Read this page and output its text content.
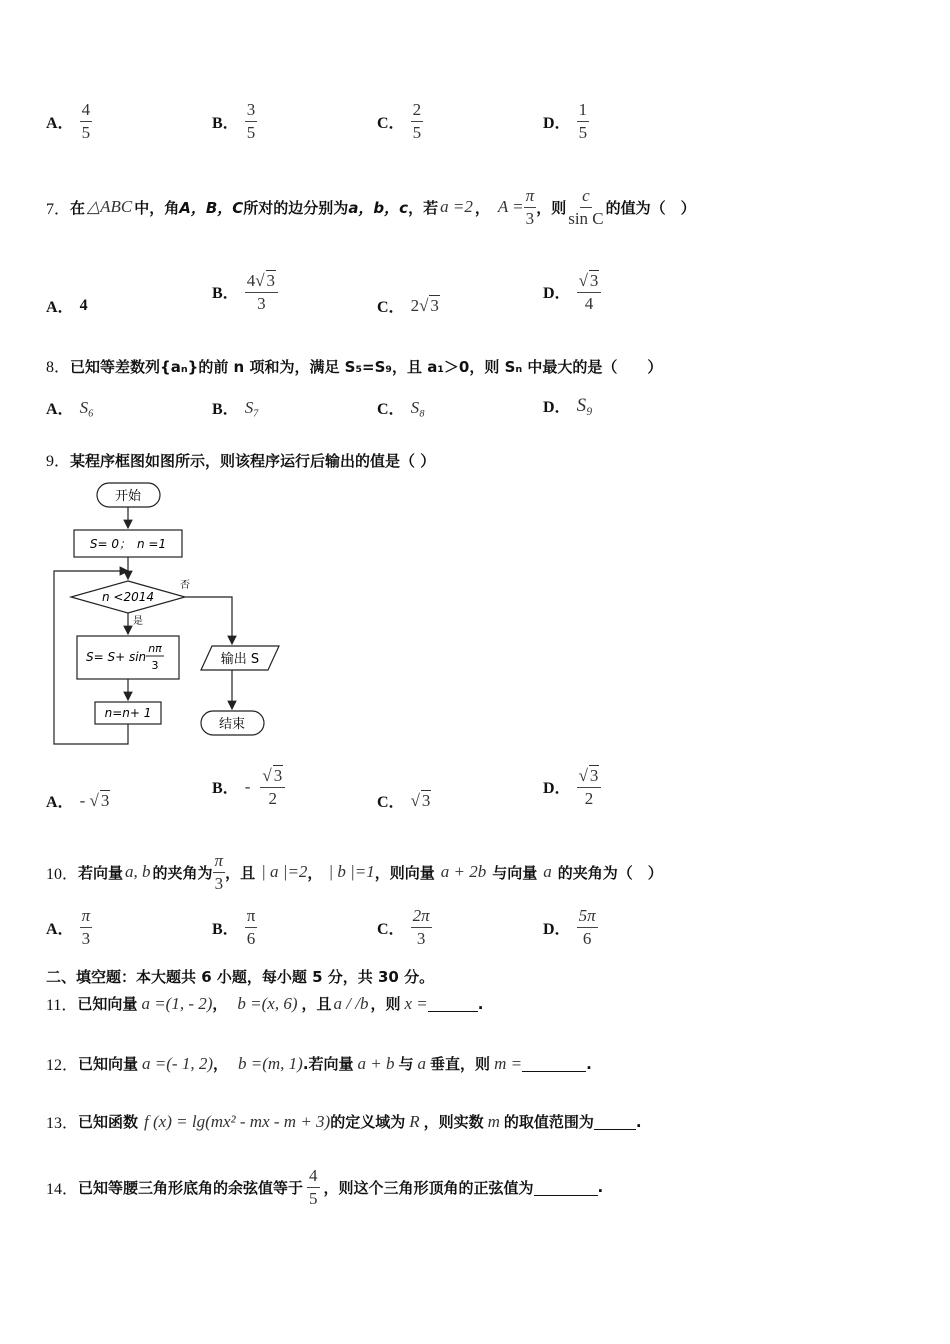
A． $\frac{4}{5}$	B． $\frac{3}{5}$	C． $\frac{2}{5}$	D． $\frac{1}{5}$
7． 在 △ABC 中，角 A，B，C 所对的边分别为 a，b，c ，若 a =2 ， $A = \frac{\pi}{3}$ ，则 $\frac{c}{\text{sin C}}$ 的值为（　）
A． 4
B． $\frac{4√ 3}{3}$	C． 2√ 3
D． $\frac{√ 3}{4}$
8．已知等差数列{aₙ}的前 n 项和为，满足 S₅=S₉，且 a₁＞0，则 Sₙ 中最大的是（　　）
A． S₆	B． S₇	C． S₈	D． S₉
9．某程序框图如图所示，则该程序运行后输出的值是（ ）
开始
S= 0；　n =1
n <2014
否
是
S= S+ sin
nπ
3
n=n+ 1
输出 S
结束
A． - √ 3
B． - $\frac{√ 3}{2}$	C． √ 3
D． $\frac{√ 3}{2}$
10． 若向量 a, b 的夹角为 $\frac{\pi}{3}$ ，且 | a |=2 ， | b |=1 ，则向量 a + 2b 与向量 a 的夹角为（　）
A． $\frac{\pi}{3}$	B． $\frac{\pi}{6}$	C． $\frac{2\pi}{3}$	D． $\frac{5\pi}{6}$
二、填空题：本大题共 6 小题，每小题 5 分，共 30 分。
11． 已知向量 a =(1, - 2) ， b =(x, 6) ，且 a / /b ，则 x =	.
12． 已知向量 a =(- 1, 2) ， b =(m, 1) .若向量 a + b 与 a 垂直，则 m =	.
13． 已知函数 f (x) = lg(mx² - mx - m + 3) 的定义域为 R ，则实数 m 的取值范围为	.
14． 已知等腰三角形底角的余弦值等于 $\frac{4}{5}$ ，则这个三角形顶角的正弦值为	.
